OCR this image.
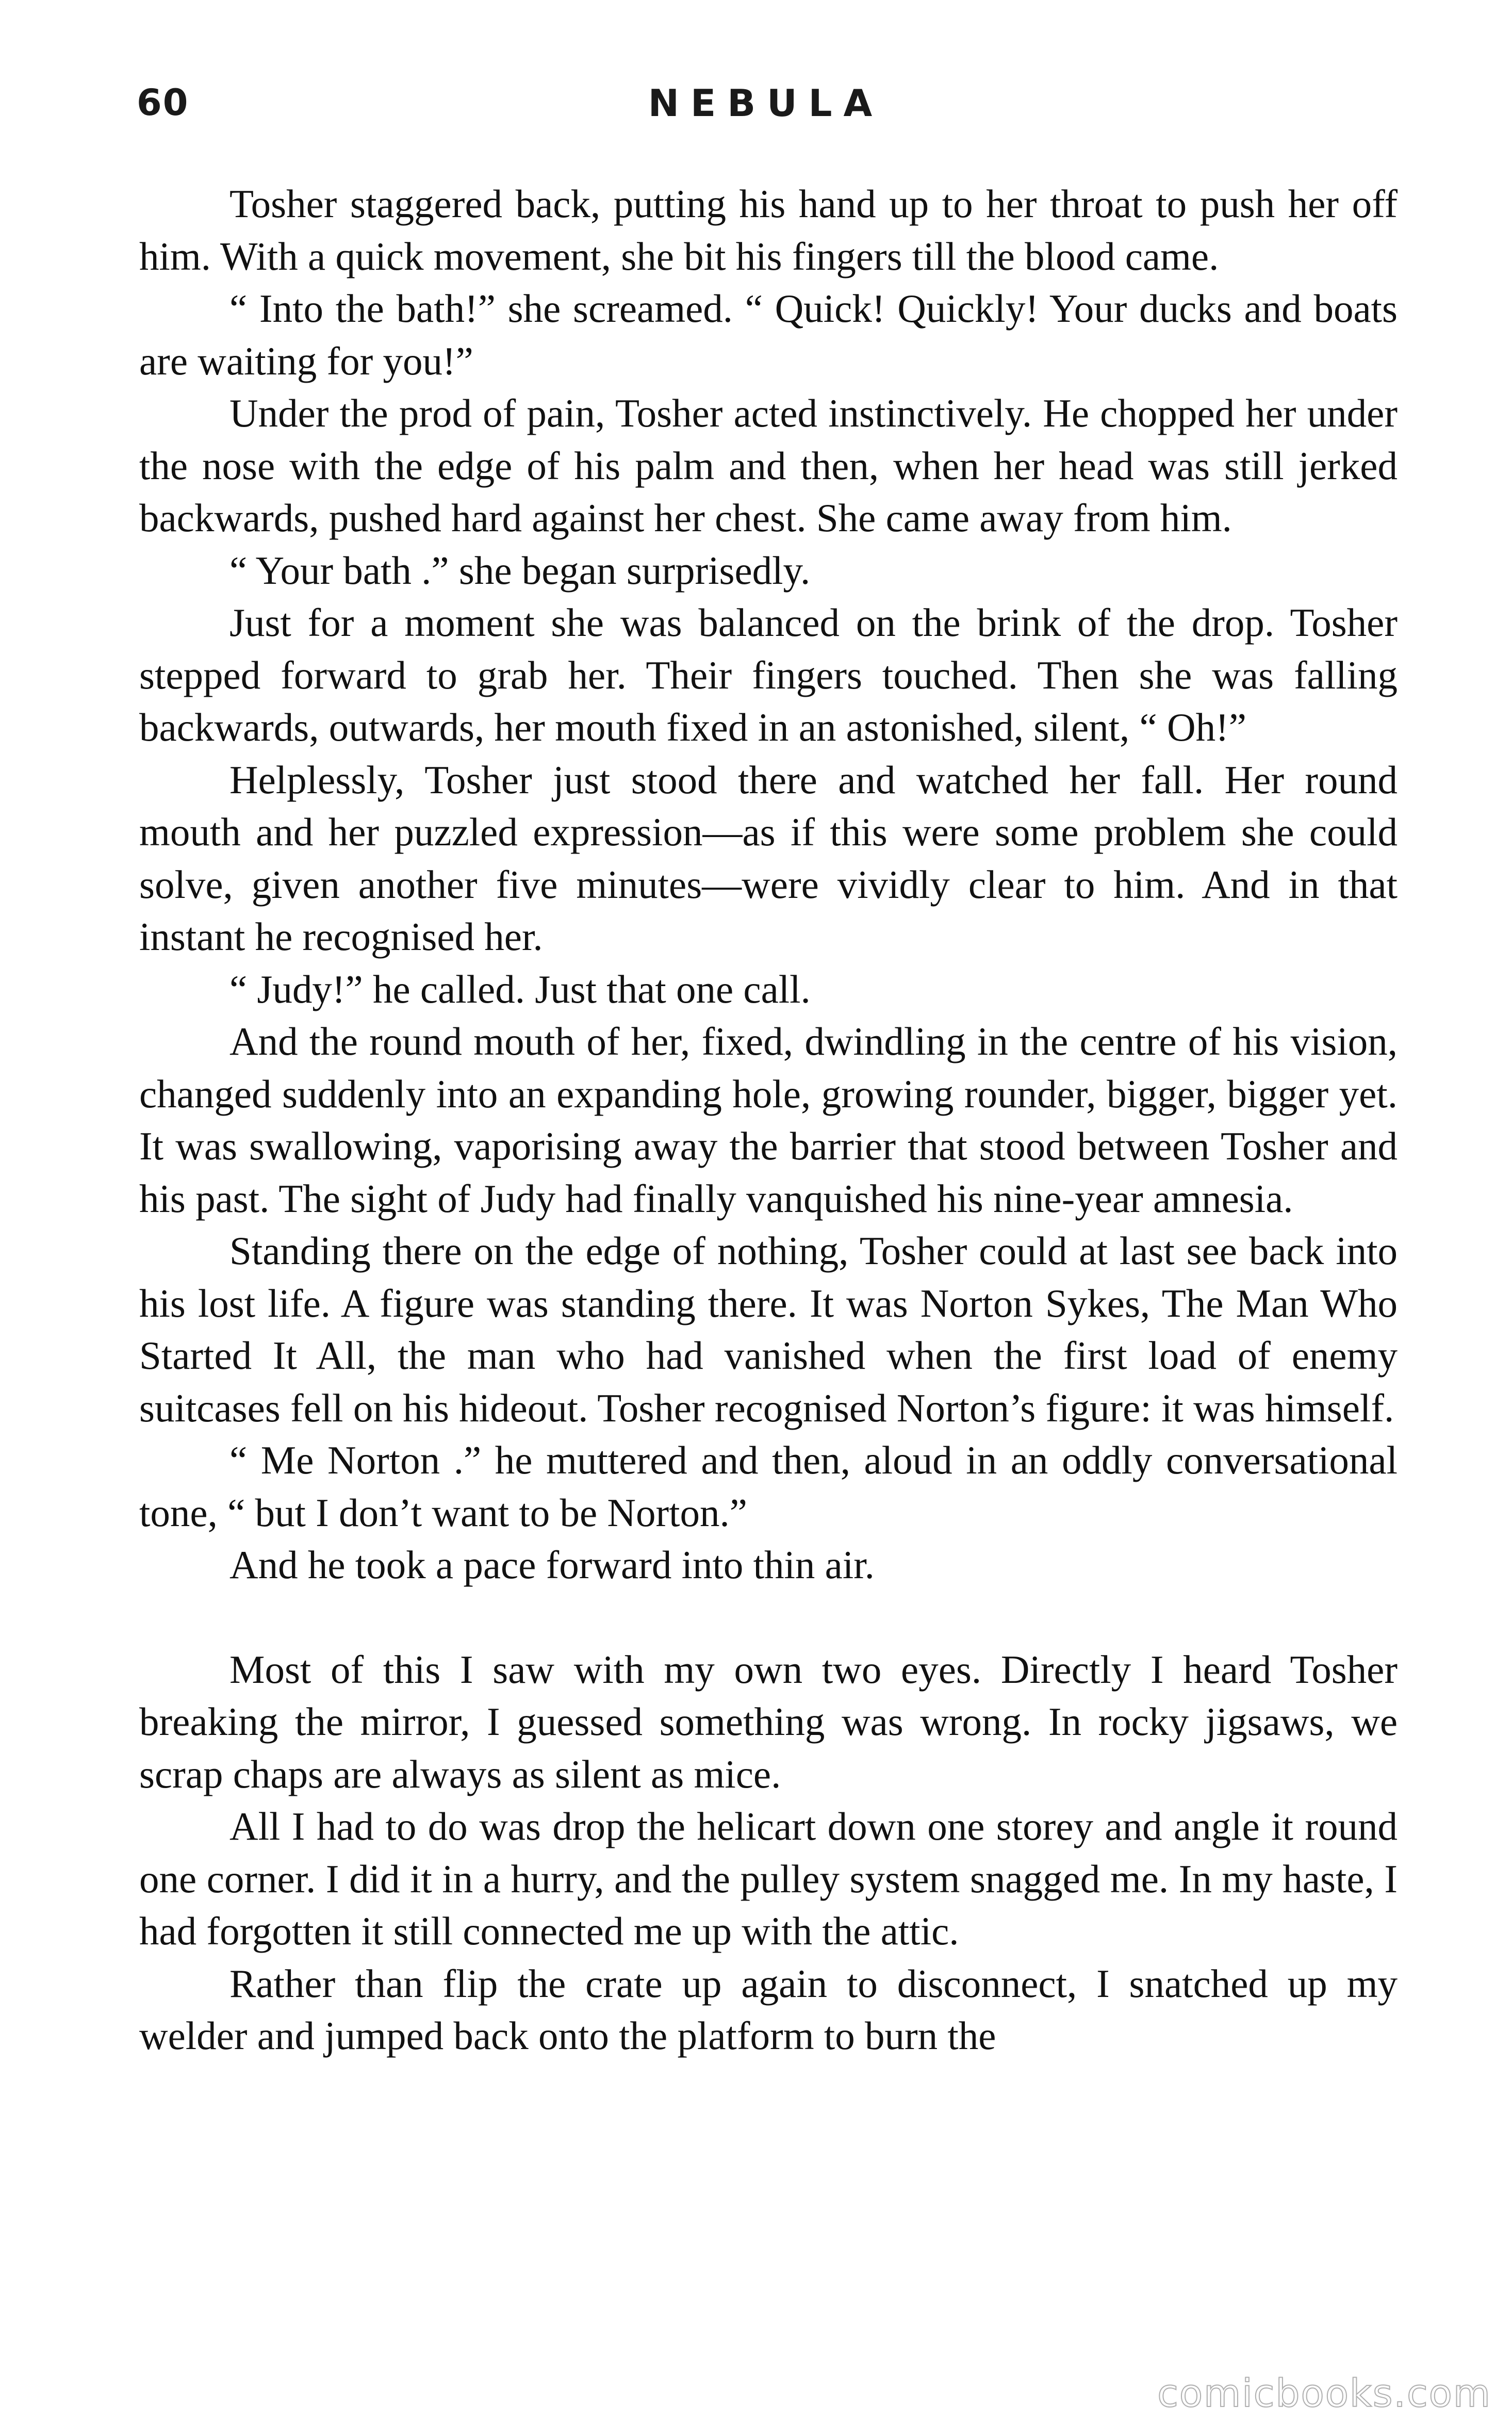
60	NEBULA

Tosher staggered back, putting his hand up to her throat to push her off him. With a quick movement, she bit his fingers till the blood came.

“ Into the bath!” she screamed. “ Quick! Quickly! Your ducks and boats are waiting for you!”

Under the prod of pain, Tosher acted instinctively. He chopped her under the nose with the edge of his palm and then, when her head was still jerked backwards, pushed hard against her chest. She came away from him.

“ Your bath .” she began surprisedly.

Just for a moment she was balanced on the brink of the drop. Tosher stepped forward to grab her. Their fingers touched. Then she was falling backwards, outwards, her mouth fixed in an astonished, silent, “ Oh!”

Helplessly, Tosher just stood there and watched her fall. Her round mouth and her puzzled expression—as if this were some problem she could solve, given another five minutes—were vividly clear to him. And in that instant he recognised her.

“ Judy!” he called. Just that one call.

And the round mouth of her, fixed, dwindling in the centre of his vision, changed suddenly into an expanding hole, growing rounder, bigger, bigger yet. It was swallowing, vaporising away the barrier that stood between Tosher and his past. The sight of Judy had finally vanquished his nine-year amnesia.

Standing there on the edge of nothing, Tosher could at last see back into his lost life. A figure was standing there. It was Norton Sykes, The Man Who Started It All, the man who had vanished when the first load of enemy suitcases fell on his hideout. Tosher recognised Norton’s figure: it was himself.

“ Me Norton .” he muttered and then, aloud in an oddly conversational tone, “ but I don’t want to be Norton.”

And he took a pace forward into thin air.

Most of this I saw with my own two eyes. Directly I heard Tosher breaking the mirror, I guessed something was wrong. In rocky jigsaws, we scrap chaps are always as silent as mice.

All I had to do was drop the helicart down one storey and angle it round one corner. I did it in a hurry, and the pulley system snagged me. In my haste, I had forgotten it still connected me up with the attic.

Rather than flip the crate up again to disconnect, I snatched up my welder and jumped back onto the platform to burn the

comicbooks.com
